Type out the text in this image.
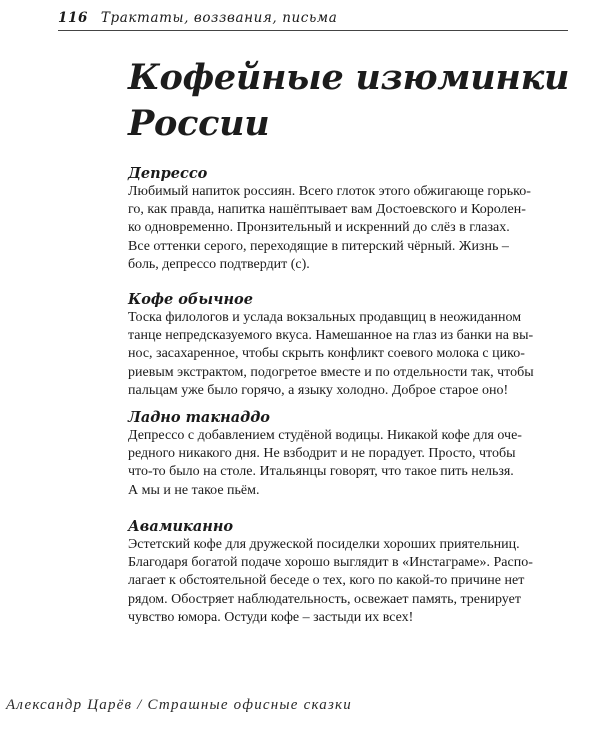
116 Трактаты, воззвания, письма
Кофейные изюминки
России
Депрессо
Любимый напиток россиян. Всего глоток этого обжигающе горько-
го, как правда, напитка нашёптывает вам Достоевского и Королен-
ко одновременно. Пронзительный и искренний до слёз в глазах.
Все оттенки серого, переходящие в питерский чёрный. Жизнь –
боль, депрессо подтвердит (с).
Кофе обычное
Тоска филологов и услада вокзальных продавщиц в неожиданном
танце непредсказуемого вкуса. Намешанное на глаз из банки на вы-
нос, засахаренное, чтобы скрыть конфликт соевого молока с цико-
риевым экстрактом, подогретое вместе и по отдельности так, чтобы
пальцам уже было горячо, а языку холодно. Доброе старое оно!
Ладно такнаддо
Депрессо с добавлением студёной водицы. Никакой кофе для оче-
редного никакого дня. Не взбодрит и не порадует. Просто, чтобы
что-то было на столе. Итальянцы говорят, что такое пить нельзя.
А мы и не такое пьём.
Авамиканно
Эстетский кофе для дружеской посиделки хороших приятельниц.
Благодаря богатой подаче хорошо выглядит в «Инстаграме». Распо-
лагает к обстоятельной беседе о тех, кого по какой-то причине нет
рядом. Обостряет наблюдательность, освежает память, тренирует
чувство юмора. Остуди кофе – застыди их всех!
Александр Царёв / Страшные офисные сказки
